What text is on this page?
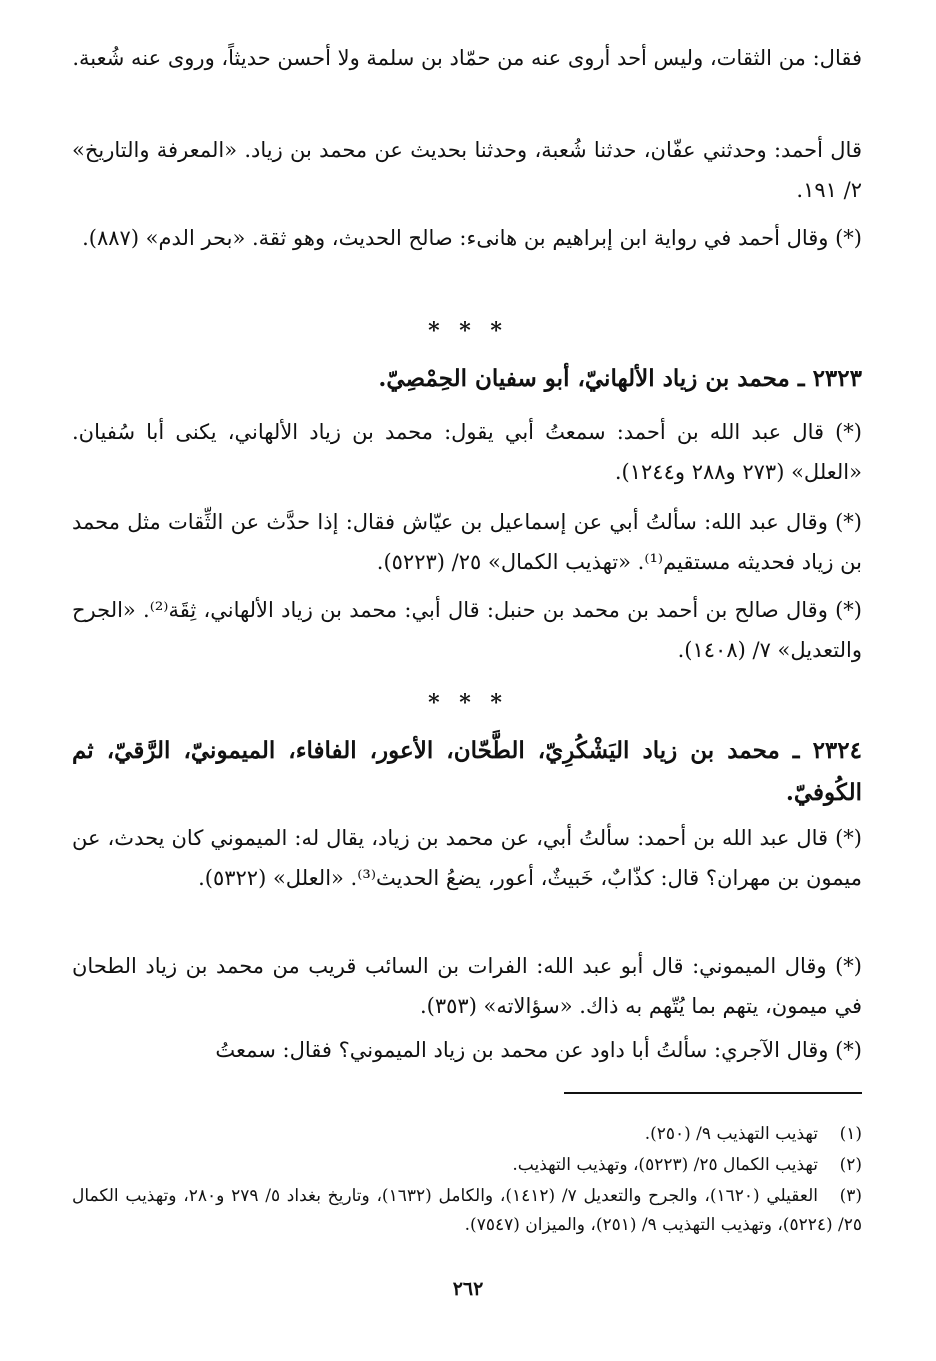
فقال: من الثقات، وليس أحد أروى عنه من حمّاد بن سلمة ولا أحسن حديثاً، وروى عنه شُعبة.

قال أحمد: وحدثني عفّان، حدثنا شُعبة، وحدثنا بحديث عن محمد بن زياد. «المعرفة والتاريخ» ٢/ ١٩١.

(*) وقال أحمد في رواية ابن إبراهيم بن هانىء: صالح الحديث، وهو ثقة. «بحر الدم» (٨٨٧).

* * *
٢٣٢٣ ـ محمد بن زياد الألهانيّ، أبو سفيان الحِمْصِيّ.

(*) قال عبد الله بن أحمد: سمعتُ أبي يقول: محمد بن زياد الألهاني، يكنى أبا سُفيان. «العلل» (٢٧٣ و٢٨٨ و١٢٤٤).

(*) وقال عبد الله: سألتُ أبي عن إسماعيل بن عيّاش فقال: إذا حدَّث عن الثِّقات مثل محمد بن زياد فحديثه مستقيم⁽¹⁾. «تهذيب الكمال» ٢٥/ (٥٢٢٣).

(*) وقال صالح بن أحمد بن محمد بن حنبل: قال أبي: محمد بن زياد الألهاني، ثِقَة⁽²⁾. «الجرح والتعديل» ٧/ (١٤٠٨).

* * *
٢٣٢٤ ـ محمد بن زياد اليَشْكُرِيّ، الطَّحّان، الأعور، الفافاء، الميمونيّ، الرَّقيّ، ثم الكُوفيّ.

(*) قال عبد الله بن أحمد: سألتُ أبي، عن محمد بن زياد، يقال له: الميموني كان يحدث، عن ميمون بن مهران؟ قال: كذّابٌ، خَبيثٌ، أعور، يضعُ الحديث⁽³⁾. «العلل» (٥٣٢٢).

(*) وقال الميموني: قال أبو عبد الله: الفرات بن السائب قريب من محمد بن زياد الطحان في ميمون، يتهم بما يُتّهم به ذاك. «سؤالاته» (٣٥٣).

(*) وقال الآجري: سألتُ أبا داود عن محمد بن زياد الميموني؟ فقال: سمعتُ

(١)تهذيب التهذيب ٩/ (٢٥٠).
(٢)تهذيب الكمال ٢٥/ (٥٢٢٣)، وتهذيب التهذيب.
(٣)العقيلي (١٦٢٠)، والجرح والتعديل ٧/ (١٤١٢)، والكامل (١٦٣٢)، وتاريخ بغداد ٥/ ٢٧٩ و٢٨٠، وتهذيب الكمال ٢٥/ (٥٢٢٤)، وتهذيب التهذيب ٩/ (٢٥١)، والميزان (٧٥٤٧).
٢٦٢
